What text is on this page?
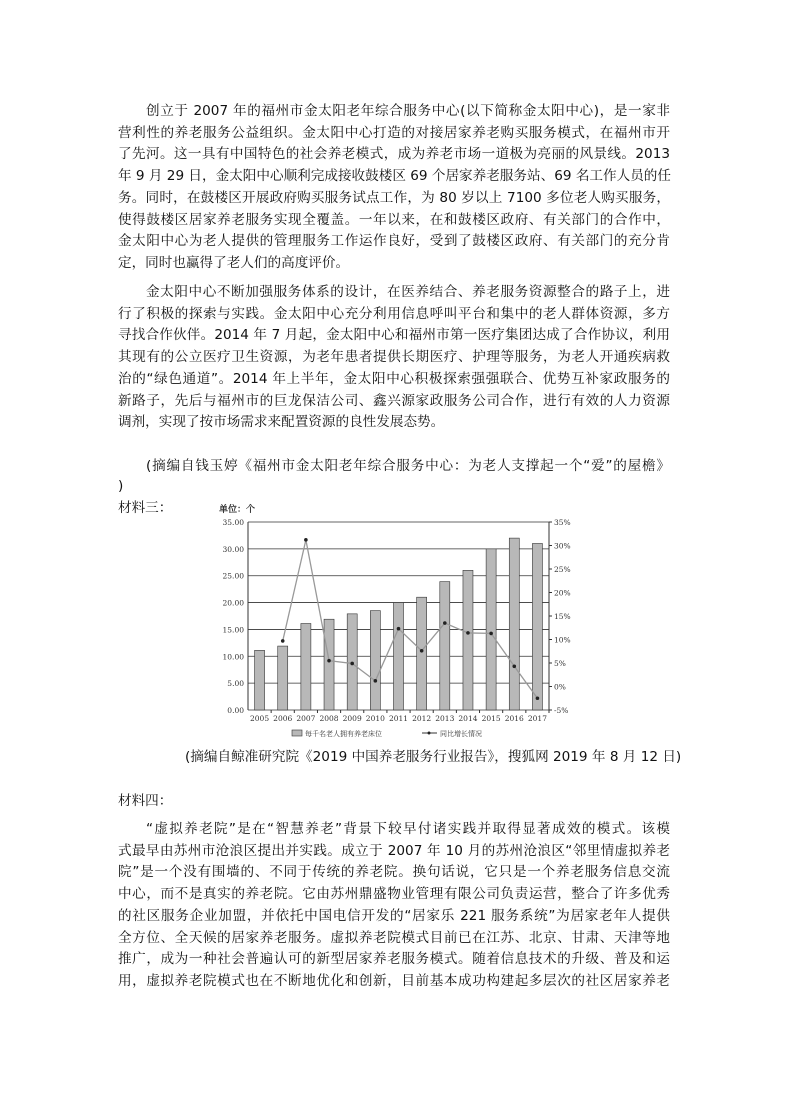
创立于 2007 年的福州市金太阳老年综合服务中心(以下简称金太阳中心)，是一家非
营利性的养老服务公益组织。金太阳中心打造的对接居家养老购买服务模式，在福州市开
了先河。这一具有中国特色的社会养老模式，成为养老市场一道极为亮丽的风景线。2013
年 9 月 29 日，金太阳中心顺利完成接收鼓楼区 69 个居家养老服务站、69 名工作人员的任
务。同时，在鼓楼区开展政府购买服务试点工作，为 80 岁以上 7100 多位老人购买服务，
使得鼓楼区居家养老服务实现全覆盖。一年以来，在和鼓楼区政府、有关部门的合作中，
金太阳中心为老人提供的管理服务工作运作良好，受到了鼓楼区政府、有关部门的充分肯
定，同时也赢得了老人们的高度评价。
金太阳中心不断加强服务体系的设计，在医养结合、养老服务资源整合的路子上，进
行了积极的探索与实践。金太阳中心充分利用信息呼叫平台和集中的老人群体资源，多方
寻找合作伙伴。2014 年 7 月起，金太阳中心和福州市第一医疗集团达成了合作协议，利用
其现有的公立医疗卫生资源，为老年患者提供长期医疗、护理等服务，为老人开通疾病救
治的“绿色通道”。2014 年上半年，金太阳中心积极探索强强联合、优势互补家政服务的
新路子，先后与福州市的巨龙保洁公司、鑫兴源家政服务公司合作，进行有效的人力资源
调剂，实现了按市场需求来配置资源的良性发展态势。
(摘编自钱玉婷《福州市金太阳老年综合服务中心：为老人支撑起一个“爱”的屋檐》
)
材料三：	单位：个
0.00
5.00
10.00
15.00
20.00
25.00
30.00
35.00
-5%
0%
5%
10%
15%
20%
25%
30%
35%
2005 2006 2007 2008 2009 2010 2011 2012 2013 2014 2015 2016 2017
每千名老人拥有养老床位	同比增长情况
(摘编自鲸准研究院《2019 中国养老服务行业报告》，搜狐网 2019 年 8 月 12 日)
材料四：
“虚拟养老院”是在“智慧养老”背景下较早付诸实践并取得显著成效的模式。该模
式最早由苏州市沧浪区提出并实践。成立于 2007 年 10 月的苏州沧浪区“邻里情虚拟养老
院”是一个没有围墙的、不同于传统的养老院。换句话说，它只是一个养老服务信息交流
中心，而不是真实的养老院。它由苏州鼎盛物业管理有限公司负责运营，整合了许多优秀
的社区服务企业加盟，并依托中国电信开发的“居家乐 221 服务系统”为居家老年人提供
全方位、全天候的居家养老服务。虚拟养老院模式目前已在江苏、北京、甘肃、天津等地
推广，成为一种社会普遍认可的新型居家养老服务模式。随着信息技术的升级、普及和运
用，虚拟养老院模式也在不断地优化和创新，目前基本成功构建起多层次的社区居家养老
